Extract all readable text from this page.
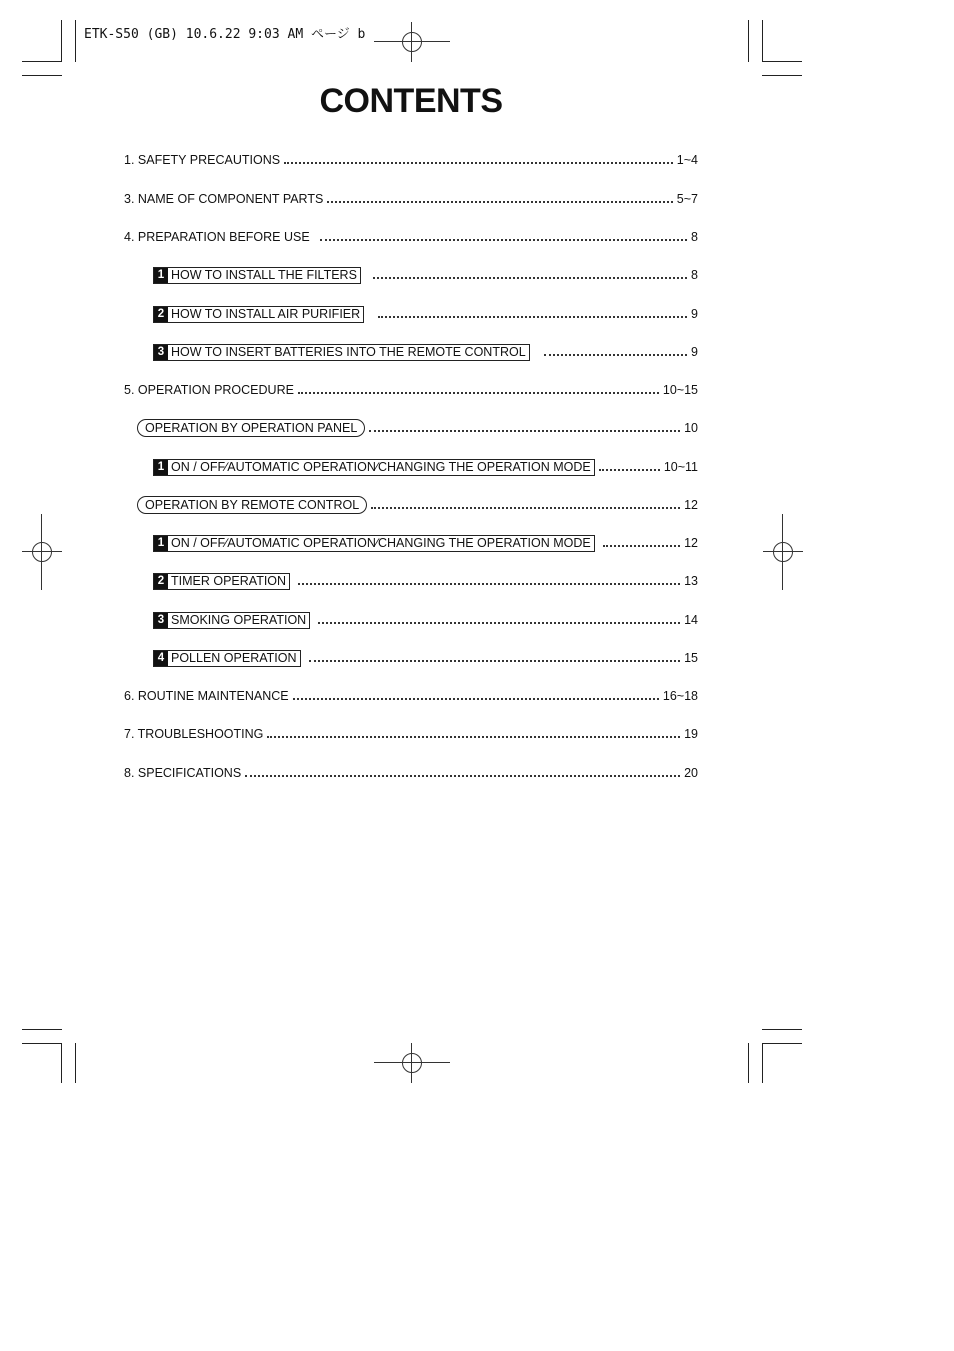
ETK-S50 (GB) 10.6.22 9:03 AM ページ b
CONTENTS
1. SAFETY PRECAUTIONS	1~4
3. NAME OF COMPONENT PARTS	5~7
4. PREPARATION BEFORE USE	8
1 HOW TO INSTALL THE FILTERS	8
2 HOW TO INSTALL AIR PURIFIER	9
3 HOW TO INSERT BATTERIES INTO THE REMOTE CONTROL	9
5. OPERATION PROCEDURE	10~15
OPERATION BY OPERATION PANEL	10
1 ON / OFF∕AUTOMATIC OPERATION∕CHANGING THE OPERATION MODE	10~11
OPERATION BY REMOTE CONTROL	12
1 ON / OFF∕AUTOMATIC OPERATION∕CHANGING THE OPERATION MODE	12
2 TIMER OPERATION	13
3 SMOKING OPERATION	14
4 POLLEN OPERATION	15
6. ROUTINE MAINTENANCE	16~18
7. TROUBLESHOOTING	19
8. SPECIFICATIONS	20
